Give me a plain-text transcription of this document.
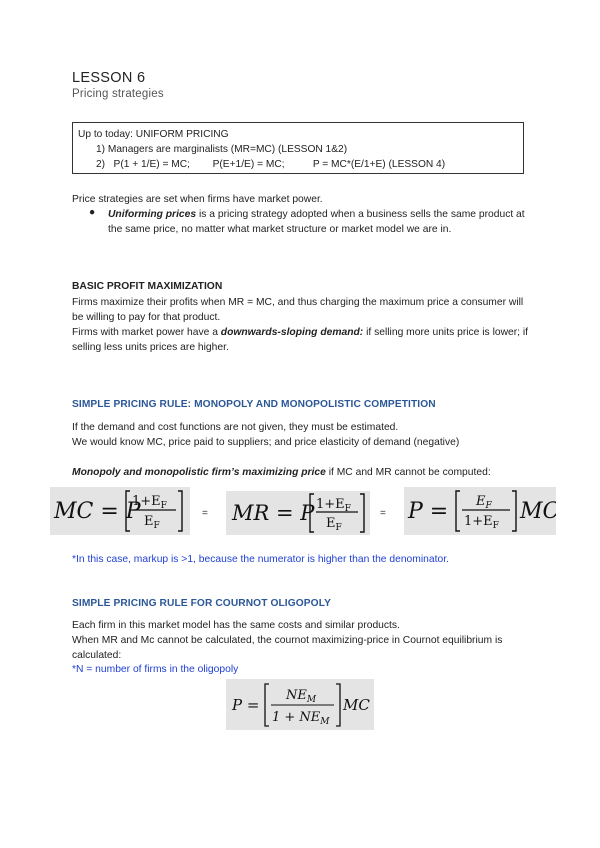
LESSON 6
Pricing strategies
Up to today: UNIFORM PRICING
1) Managers are marginalists (MR=MC) (LESSON 1&2)
2)   P(1 + 1/E) = MC;        P(E+1/E) = MC;          P = MC*(E/1+E) (LESSON 4)
Price strategies are set when firms have market power.
● Uniforming prices is a pricing strategy adopted when a business sells the same product at the same price, no matter what market structure or market model we are in.
BASIC PROFIT MAXIMIZATION
Firms maximize their profits when MR = MC, and thus charging the maximum price a consumer will be willing to pay for that product.
Firms with market power have a downwards-sloping demand: if selling more units price is lower; if selling less units prices are higher.
SIMPLE PRICING RULE: MONOPOLY AND MONOPOLISTIC COMPETITION
If the demand and cost functions are not given, they must be estimated.
We would know MC, price paid to suppliers; and price elasticity of demand (negative)
Monopoly and monopolistic firm’s maximizing price if MC and MR cannot be computed:
MC = P
$1+E_F$
$E_F$
= MR = P $1+E_F$
$E_F$
= $P = E_F$
$1+E_F$
MC
*In this case, markup is >1, because the numerator is higher than the denominator.
SIMPLE PRICING RULE FOR COURNOT OLIGOPOLY
Each firm in this market model has the same costs and similar products.
When MR and Mc cannot be calculated, the cournot maximizing-price in Cournot equilibrium is calculated:
*N = number of firms in the oligopoly
P =
$NE_M$
$1 + NE_M$
MC
